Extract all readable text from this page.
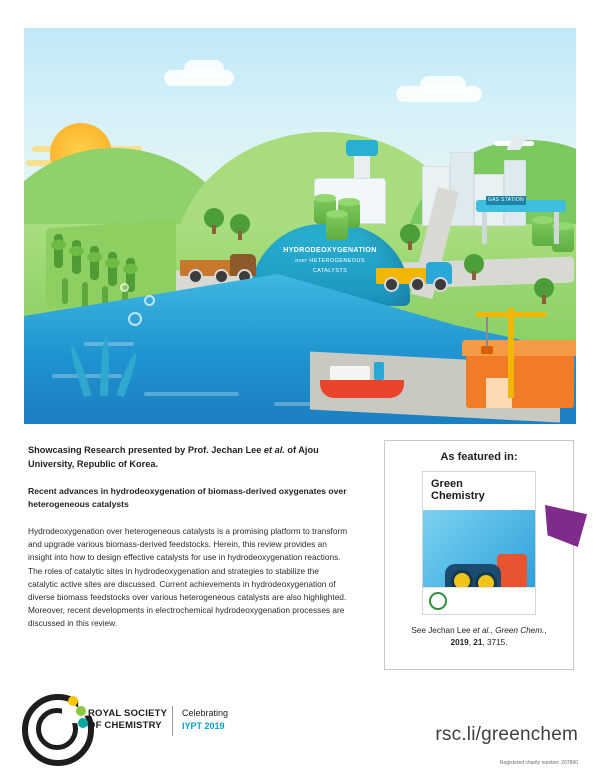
HYDRODEOXYGENATION
over HETEROGENEOUS
CATALYSTS
GAS STATION

Showcasing Research presented by Prof. Jechan Lee et al. of Ajou University, Republic of Korea.

Recent advances in hydrodeoxygenation of biomass-derived oxygenates over heterogeneous catalysts

Hydrodeoxygenation over heterogeneous catalysts is a promising platform to transform and upgrade various biomass-derived feedstocks. Herein, this review provides an insight into how to design effective catalysts for use in hydrodeoxygenation reactions. The roles of catalytic sites in hydrodeoxygenation and strategies to stabilize the catalytic active sites are discussed. Current achievements in hydrodeoxygenation of diverse biomass feedstocks over various heterogeneous catalysts are also highlighted. Moreover, recent developments in electrochemical hydrodeoxygenation processes are discussed in this review.

As featured in:
Green
Chemistry
See Jechan Lee et al., Green Chem.,
2019, 21, 3715.
ROYAL SOCIETY
OF CHEMISTRY
Celebrating
IYPT 2019	rsc.li/greenchem
Registered charity number: 207890
